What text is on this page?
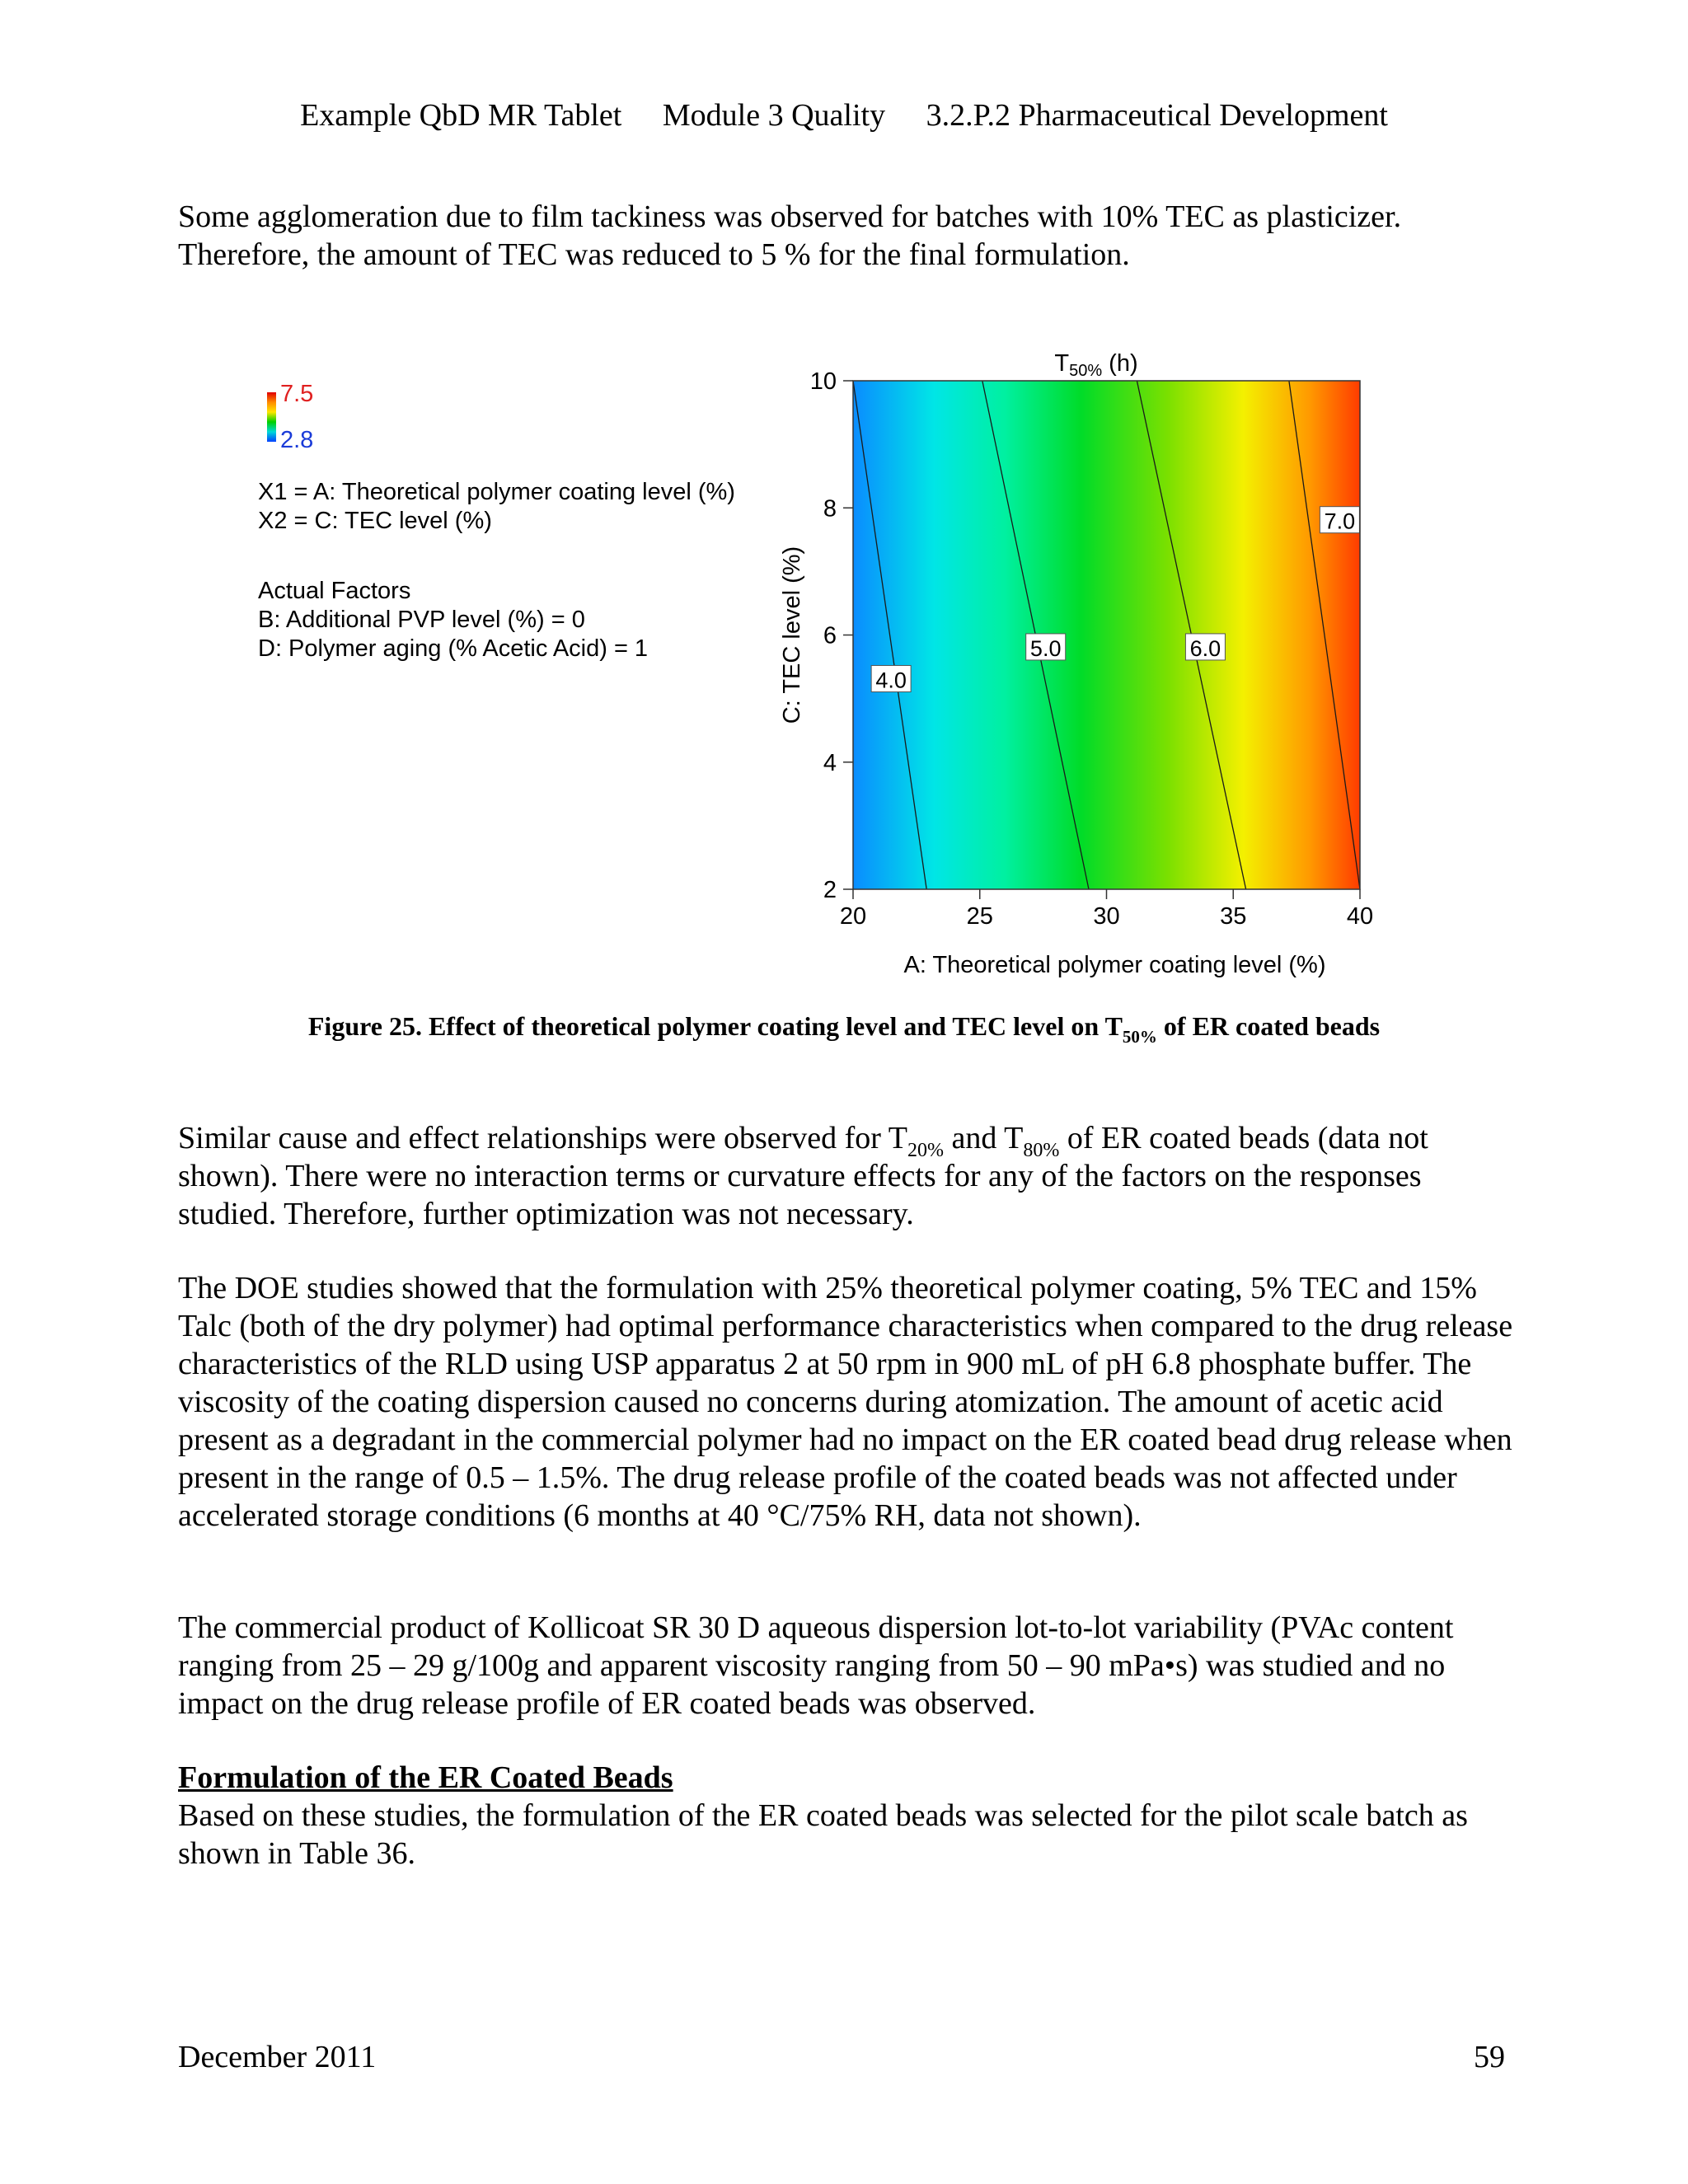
Example QbD MR Tablet Module 3 Quality 3.2.P.2 Pharmaceutical Development

Some agglomeration due to film tackiness was observed for batches with 10% TEC as plasticizer.
Therefore, the amount of TEC was reduced to 5 % for the final formulation.

7.5
2.8
X1 = A: Theoretical polymer coating level (%)
X2 = C: TEC level (%)
Actual Factors
B: Additional PVP level (%) = 0
D: Polymer aging (% Acetic Acid) = 1
4.0
5.0	6.0
7.0
20	25	30	35	40
2
4
6
8
10
$T_{50\%}$ (h)
A: Theoretical polymer coating level (%)
C: TEC level (%)
Figure 25. Effect of theoretical polymer coating level and TEC level on $T_{50\%}$ of ER coated beads

Similar cause and effect relationships were observed for $T_{20\%}$ and $T_{80\%}$ of ER coated beads (data not shown). There were no interaction terms or curvature effects for any of the factors on the responses studied. Therefore, further optimization was not necessary.

The DOE studies showed that the formulation with 25% theoretical polymer coating, 5% TEC and 15% Talc (both of the dry polymer) had optimal performance characteristics when compared to the drug release characteristics of the RLD using USP apparatus 2 at 50 rpm in 900 mL of pH 6.8 phosphate buffer. The viscosity of the coating dispersion caused no concerns during atomization. The amount of acetic acid present as a degradant in the commercial polymer had no impact on the ER coated bead drug release when present in the range of 0.5 – 1.5%. The drug release profile of the coated beads was not affected under accelerated storage conditions (6 months at 40 °C/75% RH, data not shown).

The commercial product of Kollicoat SR 30 D aqueous dispersion lot-to-lot variability (PVAc content ranging from 25 – 29 g/100g and apparent viscosity ranging from 50 – 90 mPa•s) was studied and no impact on the drug release profile of ER coated beads was observed.

Formulation of the ER Coated Beads
Based on these studies, the formulation of the ER coated beads was selected for the pilot scale batch as shown in Table 36.

December 2011	59
